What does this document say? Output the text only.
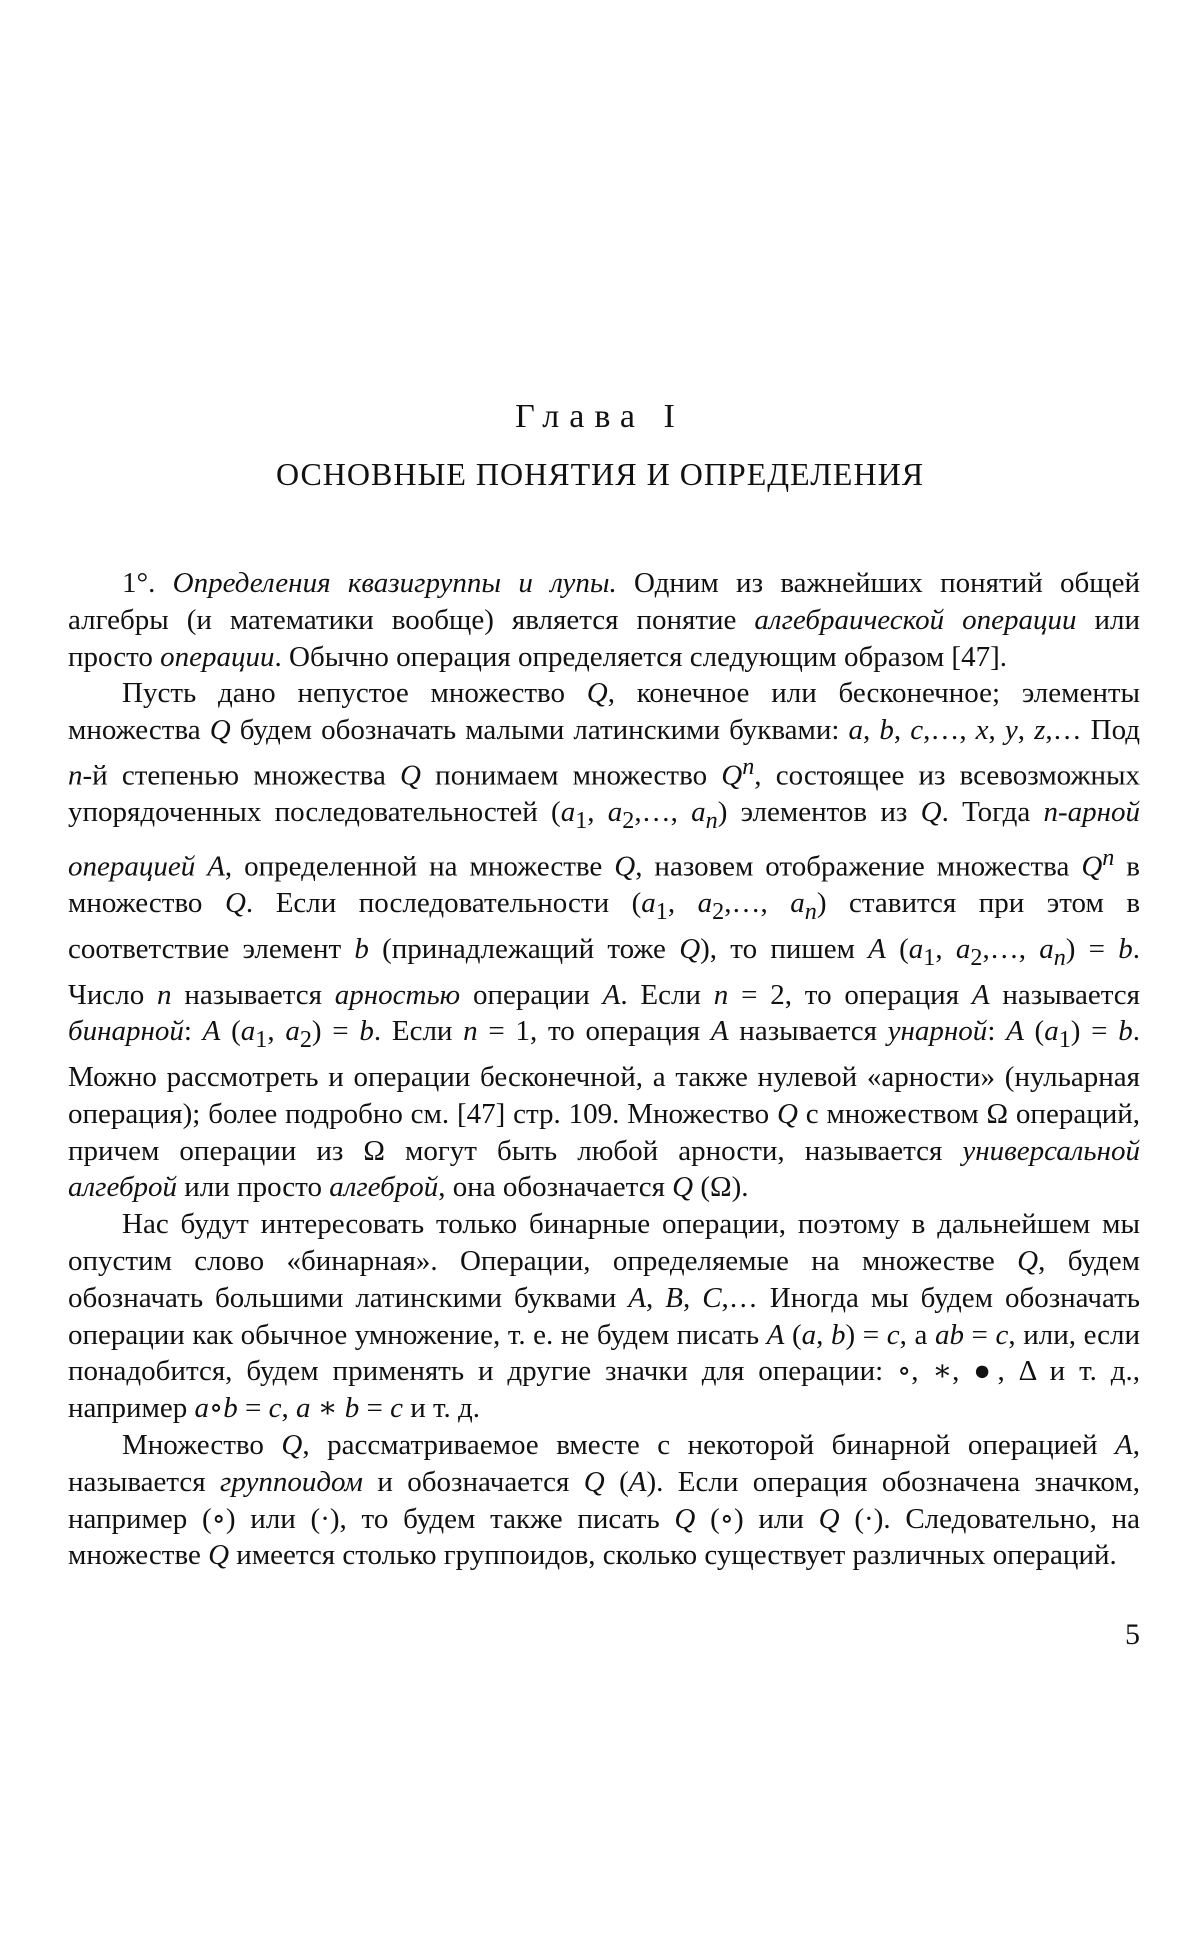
Глава I
ОСНОВНЫЕ ПОНЯТИЯ И ОПРЕДЕЛЕНИЯ

1°. Определения квазигруппы и лупы. Одним из важнейших понятий общей алгебры (и математики вообще) является понятие алгебраической операции или просто операции. Обычно операция определяется следующим образом [47].

Пусть дано непустое множество Q, конечное или бесконечное; элементы множества Q будем обозначать малыми латинскими буквами: a, b, c,…, x, y, z,… Под n-й степенью множества Q понимаем множество $Q^n$, состоящее из всевозможных упорядоченных последовательностей ($a_1$, $a_2,\dots$, $a_n$) элементов из Q. Тогда n-арной операцией A, определенной на множестве Q, назовем отображение множества $Q^n$ в множество Q. Если последовательности ($a_1$, $a_2,\dots$, $a_n$) ставится при этом в соответствие элемент b (принадлежащий тоже Q), то пишем A ($a_1$, $a_2,\dots$, $a_n) = b$. Число n называется арностью операции A. Если n = 2, то операция A называется бинарной: A ($a_1$, $a_2) = b$. Если n = 1, то операция A называется унарной: A $(a_1) = b$. Можно рассмотреть и операции бесконечной, а также нулевой «арности» (нульарная операция); более подробно см. [47] стр. 109. Множество Q с множеством Ω операций, причем операции из Ω могут быть любой арности, называется универсальной алгеброй или просто алгеброй, она обозначается Q (Ω).

Нас будут интересовать только бинарные операции, поэтому в дальнейшем мы опустим слово «бинарная». Операции, определяемые на множестве Q, будем обозначать большими латинскими буквами A, B, C,… Иногда мы будем обозначать операции как обычное умножение, т. е. не будем писать A (a, b) = c, а ab = c, или, если понадобится, будем применять и другие значки для операции: ∘, ∗, ●, Δ и т. д., например a∘b = c, a ∗ b = c и т. д.

Множество Q, рассматриваемое вместе с некоторой бинарной операцией A, называется группоидом и обозначается Q (A). Если операция обозначена значком, например (∘) или (·), то будем также писать Q (∘) или Q (·). Следовательно, на множестве Q имеется столько группоидов, сколько существует различных операций.

5
